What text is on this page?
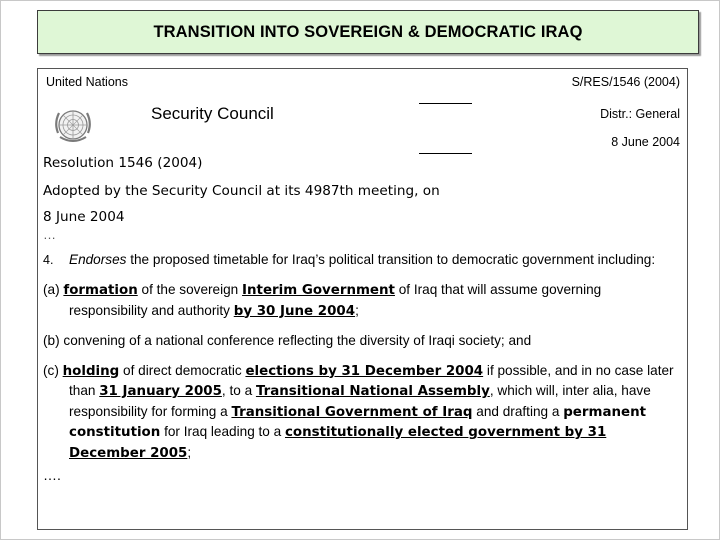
TRANSITION INTO SOVEREIGN & DEMOCRATIC IRAQ
United Nations	S/RES/1546 (2004)
Security Council	Distr.: General
8 June 2004

Resolution 1546 (2004)

Adopted by the Security Council at its 4987th meeting, on

8 June 2004

…
4.	Endorses the proposed timetable for Iraq’s political transition to democratic government including:
(a) formation of the sovereign Interim Government of Iraq that will assume governing responsibility and authority by 30 June 2004;
(b) convening of a national conference reflecting the diversity of Iraqi society; and
(c) holding of direct democratic elections by 31 December 2004 if possible, and in no case later than 31 January 2005, to a Transitional National Assembly, which will, inter alia, have responsibility for forming a Transitional Government of Iraq and drafting a permanent constitution for Iraq leading to a constitutionally elected government by 31 December 2005;
….
